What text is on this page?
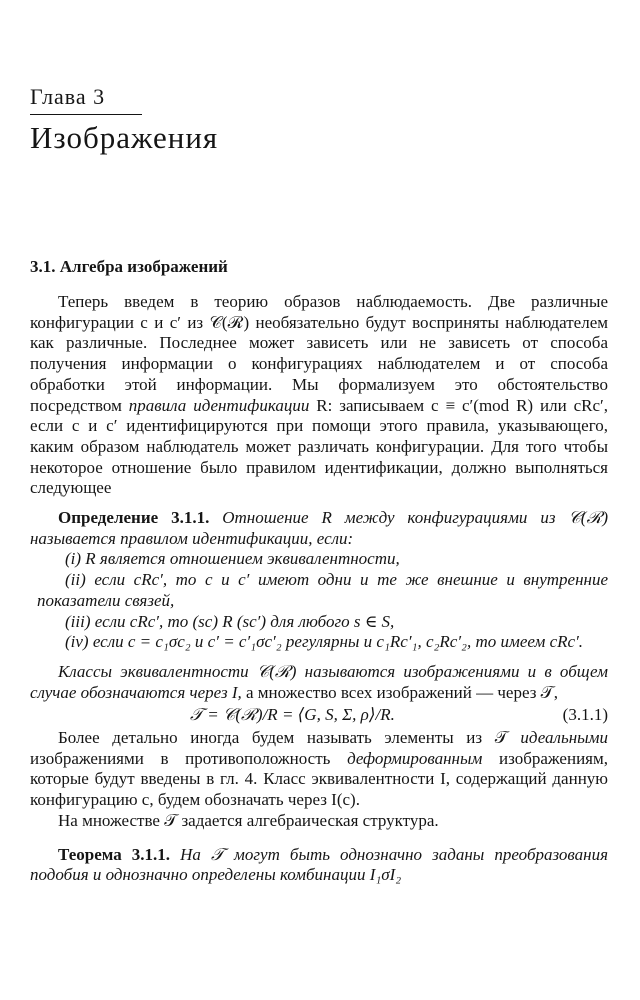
Глава 3
Изображения
3.1. Алгебра изображений

Теперь введем в теорию образов наблюдаемость. Две различные конфигурации c и c′ из 𝒞(ℛ) необязательно будут восприняты наблюдателем как различные. Последнее может зависеть или не зависеть от способа получения информации о конфигурациях наблюдателем и от способа обработки этой информации. Мы формализуем это обстоятельство посредством правила идентификации R: записываем c ≡ c′(mod R) или cRc′, если c и c′ идентифицируются при помощи этого правила, указывающего, каким образом наблюдатель может различать конфигурации. Для того чтобы некоторое отношение было правилом идентификации, должно выполняться следующее

Определение 3.1.1. Отношение R между конфигурациями из 𝒞(ℛ) называется правилом идентификации, если:

(i) R является отношением эквивалентности,

(ii) если cRc′, то c и c′ имеют одни и те же внешние и внутренние показатели связей,

(iii) если cRc′, то (sc) R (sc′) для любого s ∈ S,

(iv) если c = c₁σc₂ и c′ = c′₁σc′₂ регулярны и c₁Rc′₁, c₂Rc′₂, то имеем cRc′.

Классы эквивалентности 𝒞(ℛ) называются изображениями и в общем случае обозначаются через I, а множество всех изображений — через 𝒯,

𝒯 = 𝒞(ℛ)/R = ⟨G, S, Σ, ρ⟩/R.	(3.1.1)

Более детально иногда будем называть элементы из 𝒯 идеальными изображениями в противоположность деформированным изображениям, которые будут введены в гл. 4. Класс эквивалентности I, содержащий данную конфигурацию c, будем обозначать через I(c).

На множестве 𝒯 задается алгебраическая структура.

Теорема 3.1.1. На 𝒯 могут быть однозначно заданы преобразования подобия и однозначно определены комбинации I₁σI₂
